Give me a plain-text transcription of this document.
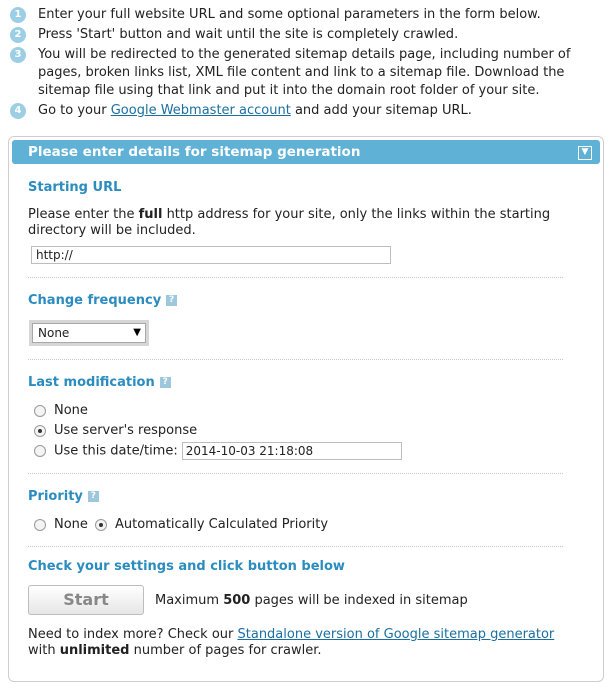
1	Enter your full website URL and some optional parameters in the form below.
2	Press 'Start' button and wait until the site is completely crawled.
3	You will be redirected to the generated sitemap details page, including number of pages, broken links list, XML file content and link to a sitemap file. Download the sitemap file using that link and put it into the domain root folder of your site.
4	Go to your Google Webmaster account and add your sitemap URL.
Please enter details for sitemap generation	▼
Starting URL
Please enter the full http address for your site, only the links within the starting directory will be included.
http://
Change frequency ?
None	▼
Last modification ?
None
Use server's response
Use this date/time: 2014-10-03 21:18:08
Priority ?
None	Automatically Calculated Priority
Check your settings and click button below
Start	Maximum 500 pages will be indexed in sitemap
Need to index more? Check our Standalone version of Google sitemap generator with unlimited number of pages for crawler.
